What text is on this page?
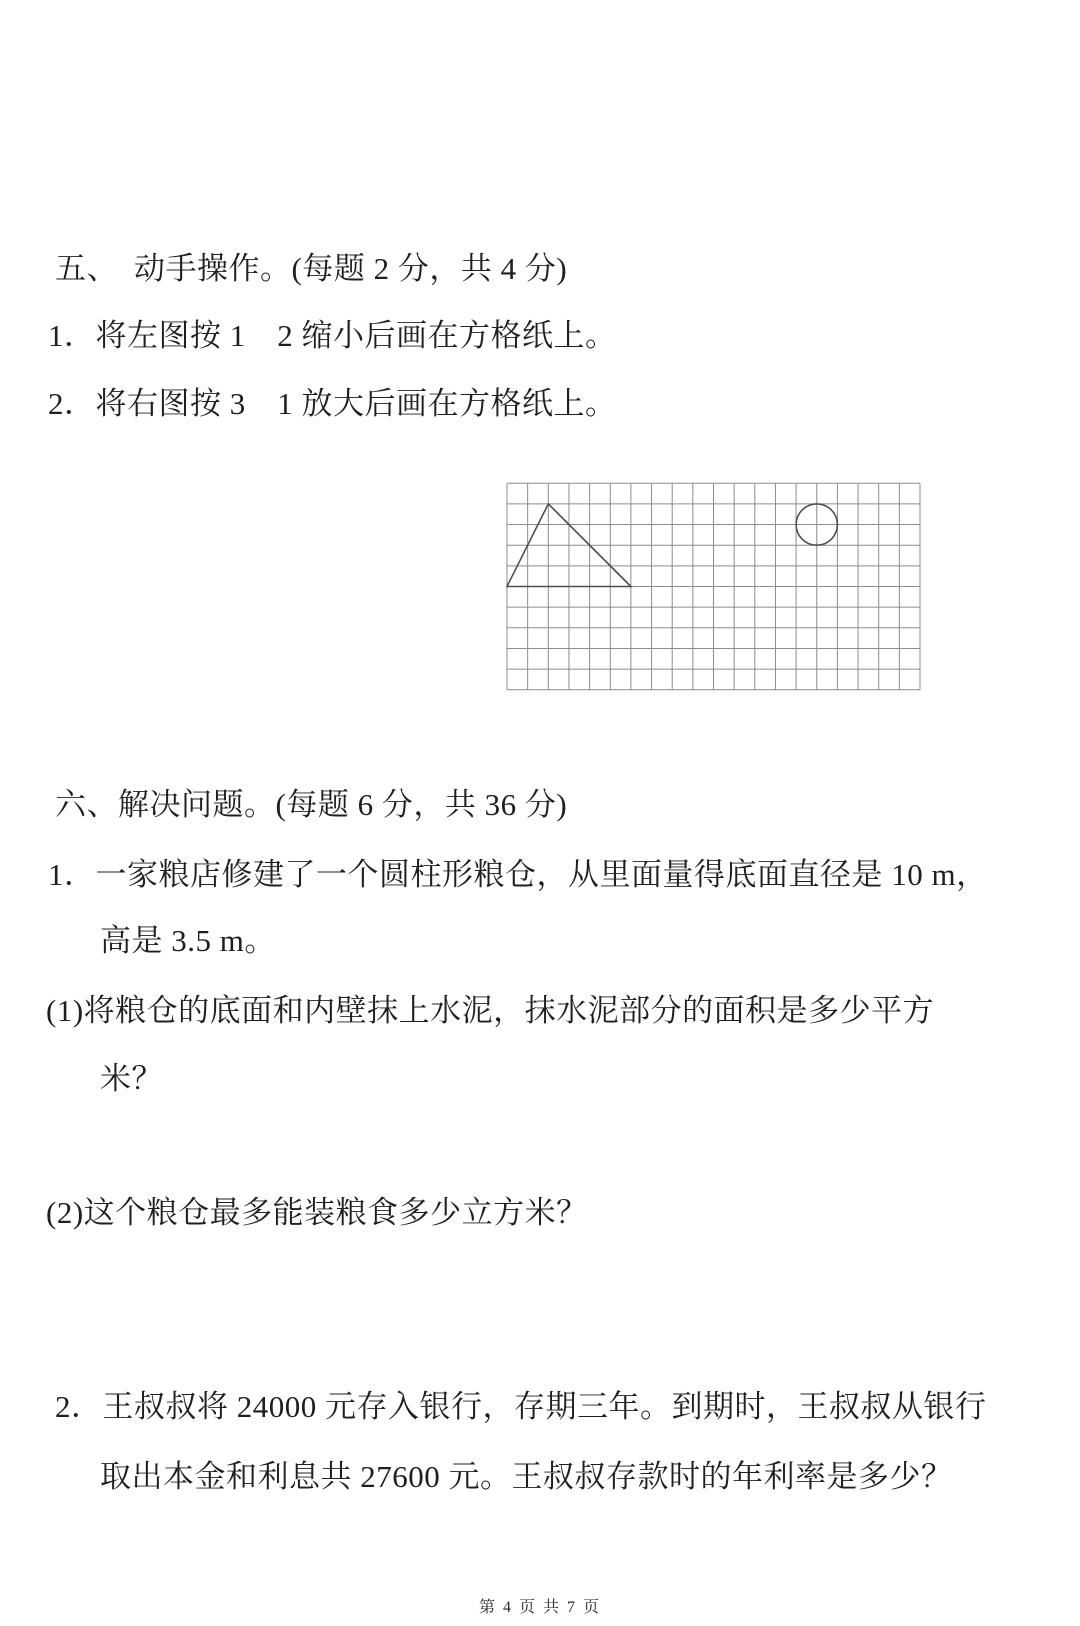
五、　动手操作。(每题 2 分，共 4 分)
1．将左图按 1　2 缩小后画在方格纸上。
2．将右图按 3　1 放大后画在方格纸上。
六、解决问题。(每题 6 分，共 36 分)
1．一家粮店修建了一个圆柱形粮仓，从里面量得底面直径是 10 m，
高是 3.5 m。
(1)将粮仓的底面和内壁抹上水泥，抹水泥部分的面积是多少平方
米？
(2)这个粮仓最多能装粮食多少立方米？
2．王叔叔将 24000 元存入银行，存期三年。到期时，王叔叔从银行
取出本金和利息共 27600 元。王叔叔存款时的年利率是多少？
第 4 页 共 7 页
